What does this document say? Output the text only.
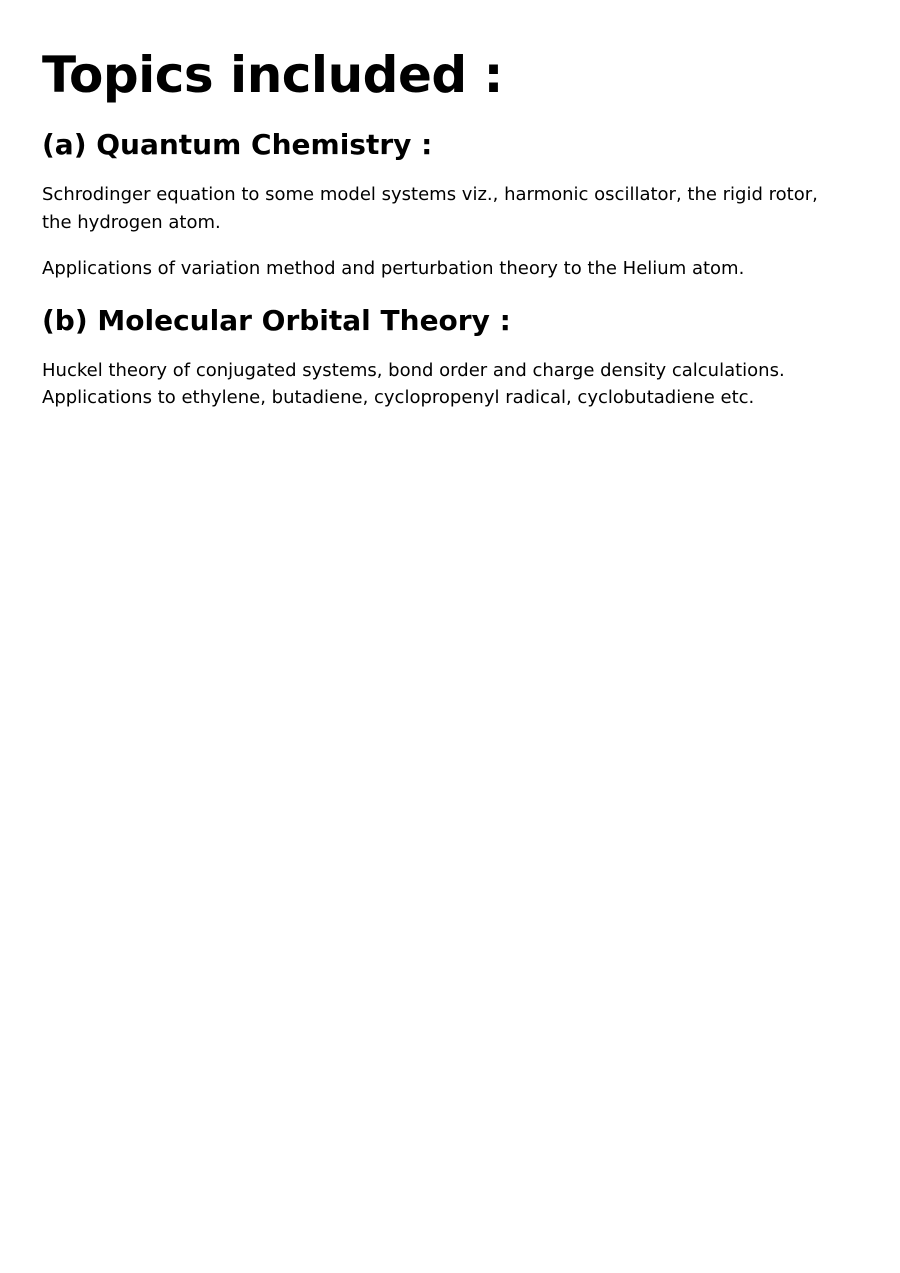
Topics included :
(a) Quantum Chemistry :

Schrodinger equation to some model systems viz., harmonic oscillator, the rigid rotor, the hydrogen atom.

Applications of variation method and perturbation theory to the Helium atom.

(b) Molecular Orbital Theory :

Huckel theory of conjugated systems, bond order and charge density calculations.
Applications to ethylene, butadiene, cyclopropenyl radical, cyclobutadiene etc.
